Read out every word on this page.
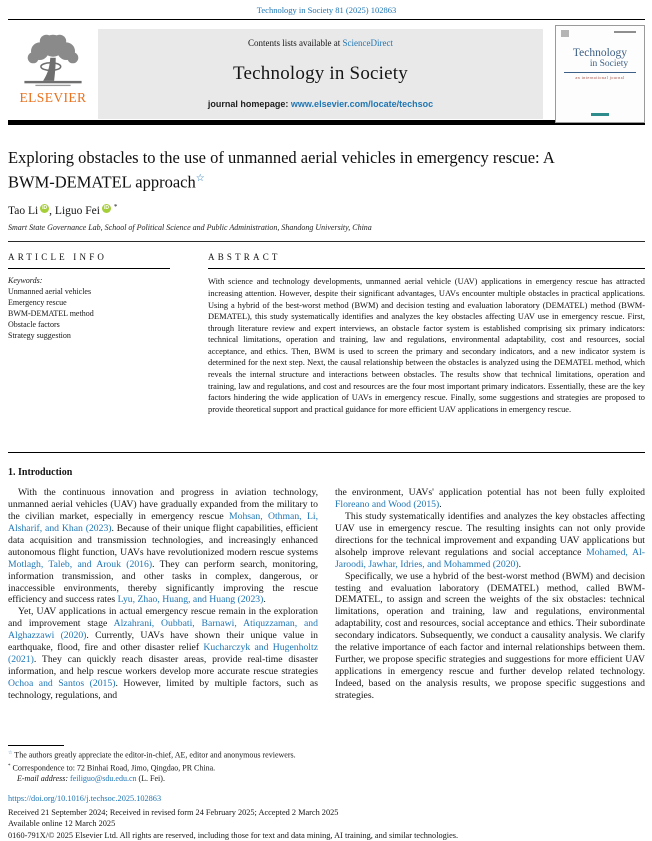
Technology in Society 81 (2025) 102863
ELSEVIER
Contents lists available at ScienceDirect
Technology in Society
journal homepage: www.elsevier.com/locate/techsoc
Technology
in Society
an international journal
Exploring obstacles to the use of unmanned aerial vehicles in emergency rescue: A BWM-DEMATEL approach☆
Tao Li iD , Liguo Fei iD *
Smart State Governance Lab, School of Political Science and Public Administration, Shandong University, China
ARTICLE INFO
Keywords:
Unmanned aerial vehicles
Emergency rescue
BWM-DEMATEL method
Obstacle factors
Strategy suggestion
ABSTRACT
With science and technology developments, unmanned aerial vehicle (UAV) applications in emergency rescue has attracted increasing attention. However, despite their significant advantages, UAVs encounter multiple obstacles in practical applications. Using a hybrid of the best-worst method (BWM) and decision testing and evaluation laboratory (DEMATEL) method (BWM-DEMATEL), this study systematically identifies and analyzes the key obstacles affecting UAV use in emergency rescue. First, through literature review and expert interviews, an obstacle factor system is established comprising six primary indicators: technical limitations, operation and training, law and regulations, environmental adaptability, cost and resources, social acceptance, and ethics. Then, BWM is used to screen the primary and secondary indicators, and a new indicator system is determined for the next step. Next, the causal relationship between the obstacles is analyzed using the DEMATEL method, which reveals the internal structure and interactions between obstacles. The results show that technical limitations, operation and training, law and regulations, and cost and resources are the four most important primary indicators. Essentially, these are the key factors hindering the wide application of UAVs in emergency rescue. Finally, some suggestions and strategies are proposed to provide theoretical support and practical guidance for more efficient UAV applications in emergency rescue.
1. Introduction

With the continuous innovation and progress in aviation technology, unmanned aerial vehicles (UAV) have gradually expanded from the military to the civilian market, especially in emergency rescue Mohsan, Othman, Li, Alsharif, and Khan (2023). Because of their unique flight capabilities, efficient data acquisition and transmission technologies, and increasingly enhanced autonomous flight function, UAVs have revolutionized modern rescue systems Motlagh, Taleb, and Arouk (2016). They can perform search, monitoring, information transmission, and other tasks in complex, dangerous, or inaccessible environments, thereby significantly improving the rescue efficiency and success rates Lyu, Zhao, Huang, and Huang (2023).

Yet, UAV applications in actual emergency rescue remain in the exploration and improvement stage Alzahrani, Oubbati, Barnawi, Atiquzzaman, and Alghazzawi (2020). Currently, UAVs have shown their unique value in earthquake, flood, fire and other disaster relief Kucharczyk and Hugenholtz (2021). They can quickly reach disaster areas, provide real-time disaster information, and help rescue workers develop more accurate rescue strategies Ochoa and Santos (2015). However, limited by multiple factors, such as technology, regulations, and

the environment, UAVs' application potential has not been fully exploited Floreano and Wood (2015).

This study systematically identifies and analyzes the key obstacles affecting UAV use in emergency rescue. The resulting insights can not only provide directions for the technical improvement and expanding UAV applications but alsohelp improve relevant regulations and social acceptance Mohamed, Al-Jaroodi, Jawhar, Idries, and Mohammed (2020).

Specifically, we use a hybrid of the best-worst method (BWM) and decision testing and evaluation laboratory (DEMATEL) method, called BWM-DEMATEL, to assign and screen the weights of the six obstacles: technical limitations, operation and training, law and regulations, environmental adaptability, cost and resources, social acceptance and ethics. Their subordinate secondary indicators. Subsequently, we conduct a causality analysis. We clarify the relative importance of each factor and internal relationships between them. Further, we propose specific strategies and suggestions for more efficient UAV applications in emergency rescue and further develop related technology. Indeed, based on the analysis results, we propose specific suggestions and strategies.

☆ The authors greatly appreciate the editor-in-chief, AE, editor and anonymous reviewers.

* Correspondence to: 72 Binhai Road, Jimo, Qingdao, PR China.

E-mail address: feiliguo@sdu.edu.cn (L. Fei).

https://doi.org/10.1016/j.techsoc.2025.102863
Received 21 September 2024; Received in revised form 24 February 2025; Accepted 2 March 2025
Available online 12 March 2025
0160-791X/© 2025 Elsevier Ltd. All rights are reserved, including those for text and data mining, AI training, and similar technologies.
